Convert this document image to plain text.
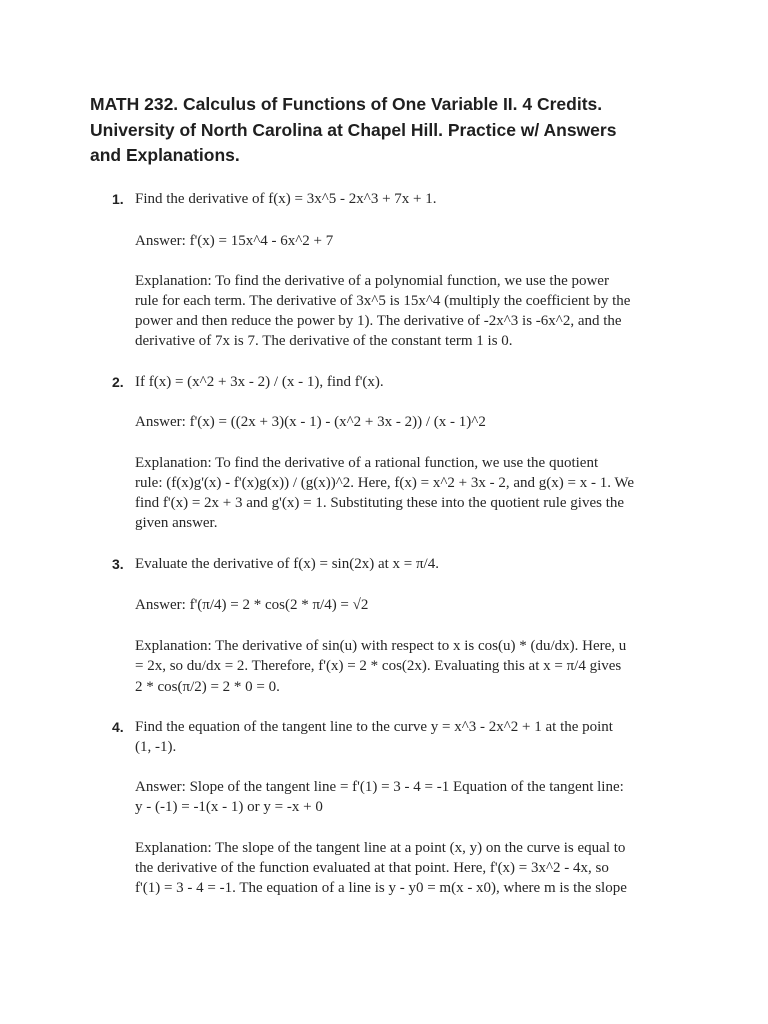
MATH 232. Calculus of Functions of One Variable II. 4 Credits.
University of North Carolina at Chapel Hill. Practice w/ Answers
and Explanations.
1. Find the derivative of f(x) = 3x^5 - 2x^3 + 7x + 1.
Answer: f'(x) = 15x^4 - 6x^2 + 7
Explanation: To find the derivative of a polynomial function, we use the power
rule for each term. The derivative of 3x^5 is 15x^4 (multiply the coefficient by the
power and then reduce the power by 1). The derivative of -2x^3 is -6x^2, and the
derivative of 7x is 7. The derivative of the constant term 1 is 0.
2. If f(x) = (x^2 + 3x - 2) / (x - 1), find f'(x).
Answer: f'(x) = ((2x + 3)(x - 1) - (x^2 + 3x - 2)) / (x - 1)^2
Explanation: To find the derivative of a rational function, we use the quotient
rule: (f(x)g'(x) - f'(x)g(x)) / (g(x))^2. Here, f(x) = x^2 + 3x - 2, and g(x) = x - 1. We
find f'(x) = 2x + 3 and g'(x) = 1. Substituting these into the quotient rule gives the
given answer.
3. Evaluate the derivative of f(x) = sin(2x) at x = π/4.
Answer: f'(π/4) = 2 * cos(2 * π/4) = √2
Explanation: The derivative of sin(u) with respect to x is cos(u) * (du/dx). Here, u
= 2x, so du/dx = 2. Therefore, f'(x) = 2 * cos(2x). Evaluating this at x = π/4 gives
2 * cos(π/2) = 2 * 0 = 0.
4. Find the equation of the tangent line to the curve y = x^3 - 2x^2 + 1 at the point
(1, -1).
Answer: Slope of the tangent line = f'(1) = 3 - 4 = -1 Equation of the tangent line:
y - (-1) = -1(x - 1) or y = -x + 0
Explanation: The slope of the tangent line at a point (x, y) on the curve is equal to
the derivative of the function evaluated at that point. Here, f'(x) = 3x^2 - 4x, so
f'(1) = 3 - 4 = -1. The equation of a line is y - y0 = m(x - x0), where m is the slope
